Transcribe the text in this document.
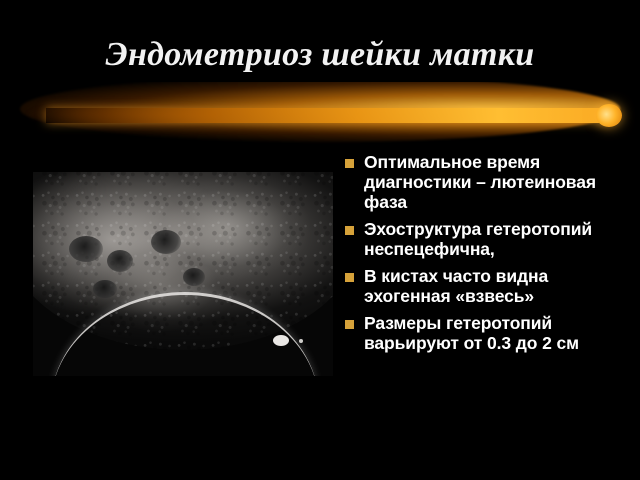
Эндометриоз шейки матки
Оптимальное время диагностики – лютеиновая фаза
Эхоструктура гетеротопий неспецефична,
В кистах часто видна эхогенная «взвесь»
Размеры гетеротопий варьируют от 0.3 до 2 см
